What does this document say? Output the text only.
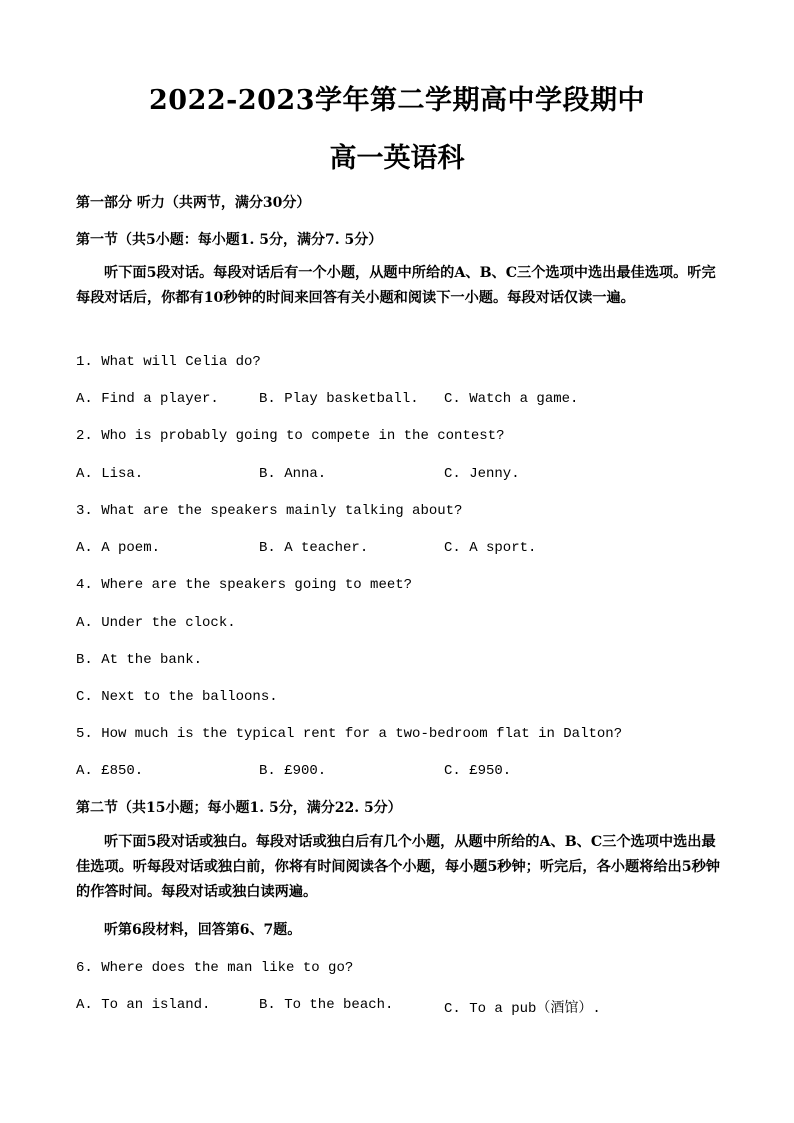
2022-2023学年第二学期高中学段期中
高一英语科
第一部分 听力（共两节，满分30分）
第一节（共5小题：每小题1. 5分，满分7. 5分）
听下面5段对话。每段对话后有一个小题，从题中所给的A、B、C三个选项中选出最佳选项。听完每段对话后，你都有10秒钟的时间来回答有关小题和阅读下一小题。每段对话仅读一遍。
1. What will Celia do?
A. Find a player.	B. Play basketball. C. Watch a game.
2. Who is probably going to compete in the contest?
A. Lisa.	B. Anna.	C. Jenny.
3. What are the speakers mainly talking about?
A. A poem.	B. A teacher.	C. A sport.
4. Where are the speakers going to meet?
A. Under the clock.
B. At the bank.
C. Next to the balloons.
5. How much is the typical rent for a two-bedroom flat in Dalton?
A. £850.	B. £900.	C. £950.
第二节（共15小题；每小题1. 5分，满分22. 5分）
听下面5段对话或独白。每段对话或独白后有几个小题，从题中所给的A、B、C三个选项中选出最佳选项。听每段对话或独白前，你将有时间阅读各个小题，每小题5秒钟；听完后，各小题将给出5秒钟的作答时间。每段对话或独白读两遍。
听第6段材料，回答第6、7题。
6. Where does the man like to go?
A. To an island.	B. To the beach.	C. To a pub（酒馆）.
